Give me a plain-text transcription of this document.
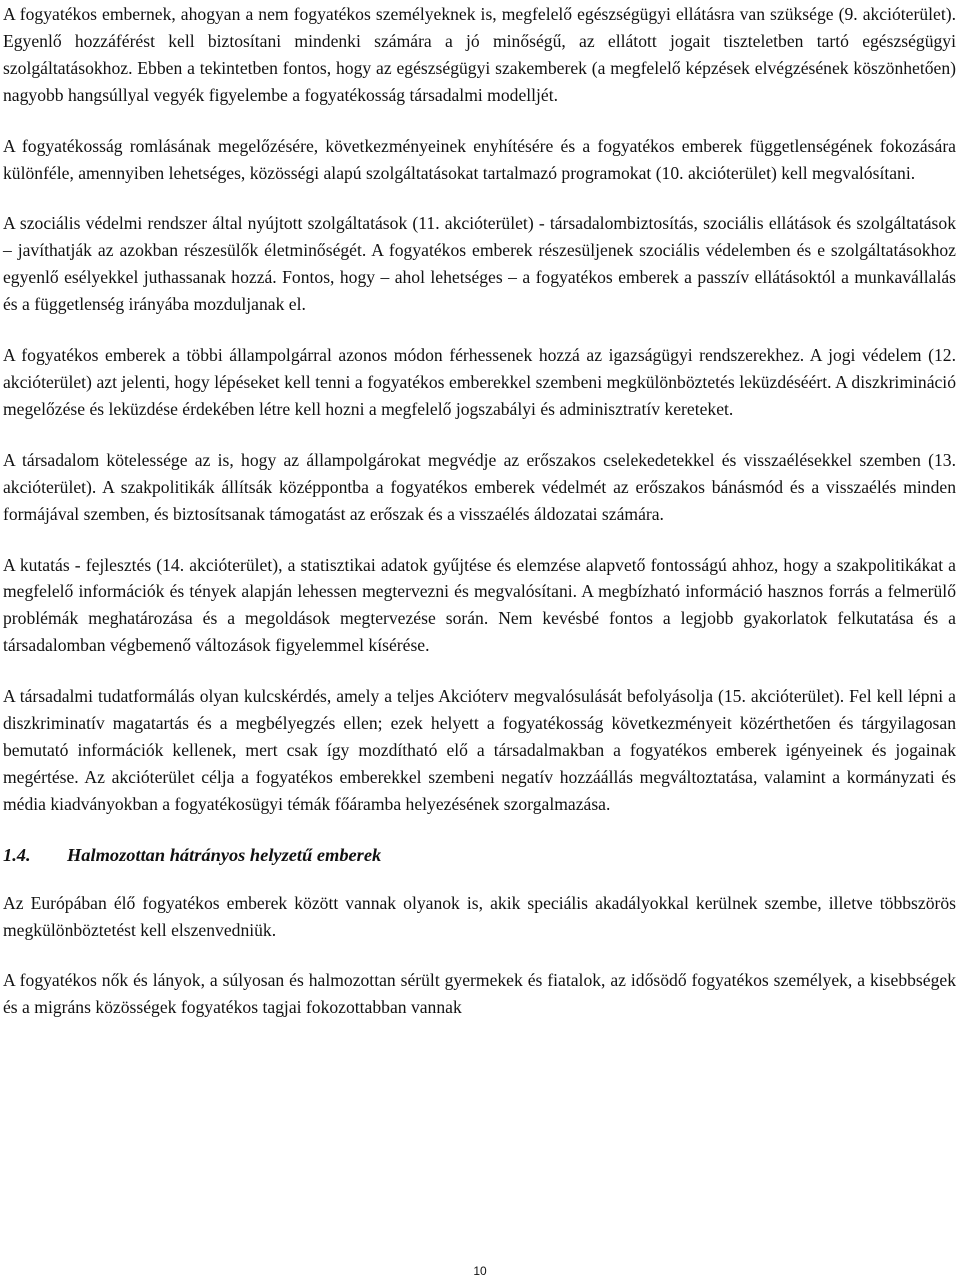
A fogyatékos embernek, ahogyan a nem fogyatékos személyeknek is, megfelelő egészségügyi ellátásra van szüksége (9. akcióterület). Egyenlő hozzáférést kell biztosítani mindenki számára a jó minőségű, az ellátott jogait tiszteletben tartó egészségügyi szolgáltatásokhoz. Ebben a tekintetben fontos, hogy az egészségügyi szakemberek (a megfelelő képzések elvégzésének köszönhetően) nagyobb hangsúllyal vegyék figyelembe a fogyatékosság társadalmi modelljét.

A fogyatékosság romlásának megelőzésére, következményeinek enyhítésére és a fogyatékos emberek függetlenségének fokozására különféle, amennyiben lehetséges, közösségi alapú szolgáltatásokat tartalmazó programokat (10. akcióterület) kell megvalósítani.

A szociális védelmi rendszer által nyújtott szolgáltatások (11. akcióterület) - társadalombiztosítás, szociális ellátások és szolgáltatások – javíthatják az azokban részesülők életminőségét. A fogyatékos emberek részesüljenek szociális védelemben és e szolgáltatásokhoz egyenlő esélyekkel juthassanak hozzá. Fontos, hogy – ahol lehetséges – a fogyatékos emberek a passzív ellátásoktól a munkavállalás és a függetlenség irányába mozduljanak el.

A fogyatékos emberek a többi állampolgárral azonos módon férhessenek hozzá az igazságügyi rendszerekhez. A jogi védelem (12. akcióterület) azt jelenti, hogy lépéseket kell tenni a fogyatékos emberekkel szembeni megkülönböztetés leküzdéséért. A diszkrimináció megelőzése és leküzdése érdekében létre kell hozni a megfelelő jogszabályi és adminisztratív kereteket.

A társadalom kötelessége az is, hogy az állampolgárokat megvédje az erőszakos cselekedetekkel és visszaélésekkel szemben (13. akcióterület). A szakpolitikák állítsák középpontba a fogyatékos emberek védelmét az erőszakos bánásmód és a visszaélés minden formájával szemben, és biztosítsanak támogatást az erőszak és a visszaélés áldozatai számára.

A kutatás - fejlesztés (14. akcióterület), a statisztikai adatok gyűjtése és elemzése alapvető fontosságú ahhoz, hogy a szakpolitikákat a megfelelő információk és tények alapján lehessen megtervezni és megvalósítani. A megbízható információ hasznos forrás a felmerülő problémák meghatározása és a megoldások megtervezése során. Nem kevésbé fontos a legjobb gyakorlatok felkutatása és a társadalomban végbemenő változások figyelemmel kísérése.

A társadalmi tudatformálás olyan kulcskérdés, amely a teljes Akcióterv megvalósulását befolyásolja (15. akcióterület). Fel kell lépni a diszkriminatív magatartás és a megbélyegzés ellen; ezek helyett a fogyatékosság következményeit közérthetően és tárgyilagosan bemutató információk kellenek, mert csak így mozdítható elő a társadalmakban a fogyatékos emberek igényeinek és jogainak megértése. Az akcióterület célja a fogyatékos emberekkel szembeni negatív hozzáállás megváltoztatása, valamint a kormányzati és média kiadványokban a fogyatékosügyi témák főáramba helyezésének szorgalmazása.

1.4. Halmozottan hátrányos helyzetű emberek

Az Európában élő fogyatékos emberek között vannak olyanok is, akik speciális akadályokkal kerülnek szembe, illetve többszörös megkülönböztetést kell elszenvedniük.

A fogyatékos nők és lányok, a súlyosan és halmozottan sérült gyermekek és fiatalok, az idősödő fogyatékos személyek, a kisebbségek és a migráns közösségek fogyatékos tagjai fokozottabban vannak

10
